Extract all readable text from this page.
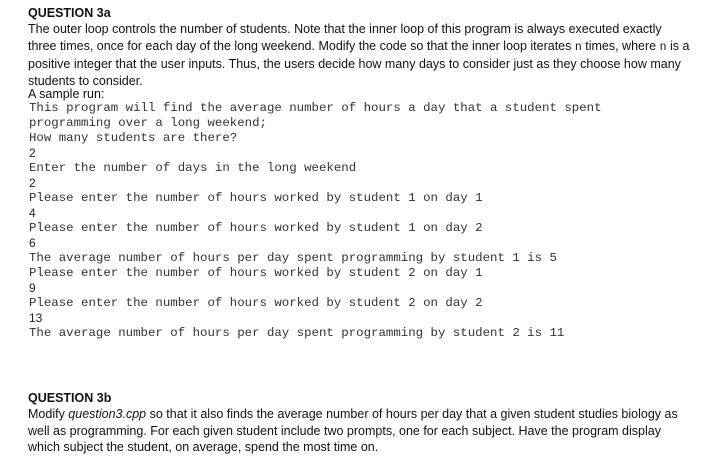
QUESTION 3a
The outer loop controls the number of students. Note that the inner loop of this program is always executed exactly three times, once for each day of the long weekend. Modify the code so that the inner loop iterates n times, where n is a positive integer that the user inputs. Thus, the users decide how many days to consider just as they choose how many students to consider.
A sample run:
This program will find the average number of hours a day that a student spent
programming over a long weekend;
How many students are there?
2
Enter the number of days in the long weekend
2
Please enter the number of hours worked by student 1 on day 1
4
Please enter the number of hours worked by student 1 on day 2
6
The average number of hours per day spent programming by student 1 is 5
Please enter the number of hours worked by student 2 on day 1
9
Please enter the number of hours worked by student 2 on day 2
13
The average number of hours per day spent programming by student 2 is 11
QUESTION 3b
Modify question3.cpp so that it also finds the average number of hours per day that a given student studies biology as well as programming. For each given student include two prompts, one for each subject. Have the program display which subject the student, on average, spend the most time on.
